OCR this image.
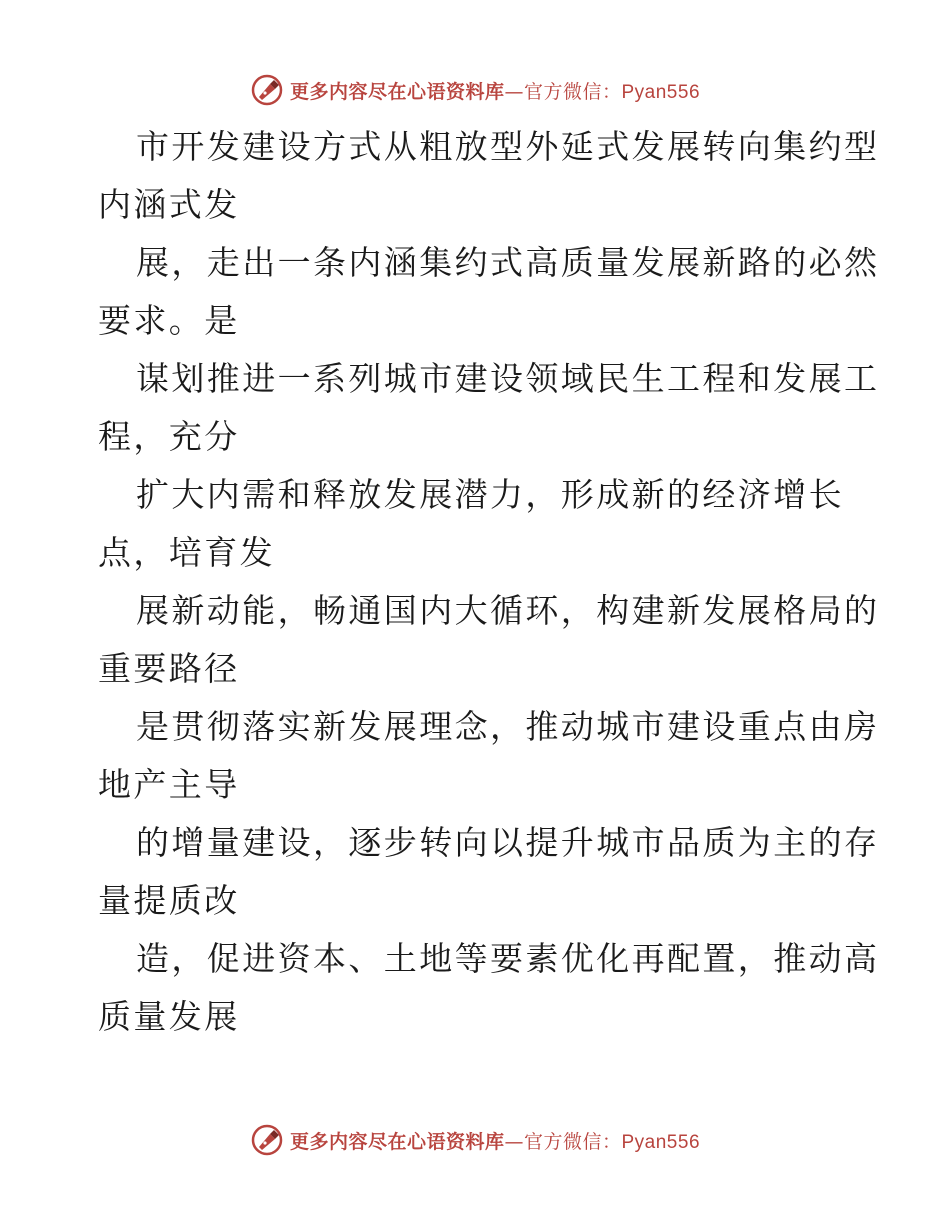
更多内容尽在心语资料库—官方微信：Pyan556
市开发建设方式从粗放型外延式发展转向集约型
内涵式发
展，走出一条内涵集约式高质量发展新路的必然
要求。是
谋划推进一系列城市建设领域民生工程和发展工
程，充分
扩大内需和释放发展潜力，形成新的经济增长
点，培育发
展新动能，畅通国内大循环，构建新发展格局的
重要路径
是贯彻落实新发展理念，推动城市建设重点由房
地产主导
的增量建设，逐步转向以提升城市品质为主的存
量提质改
造，促进资本、土地等要素优化再配置，推动高
质量发展
更多内容尽在心语资料库—官方微信：Pyan556
